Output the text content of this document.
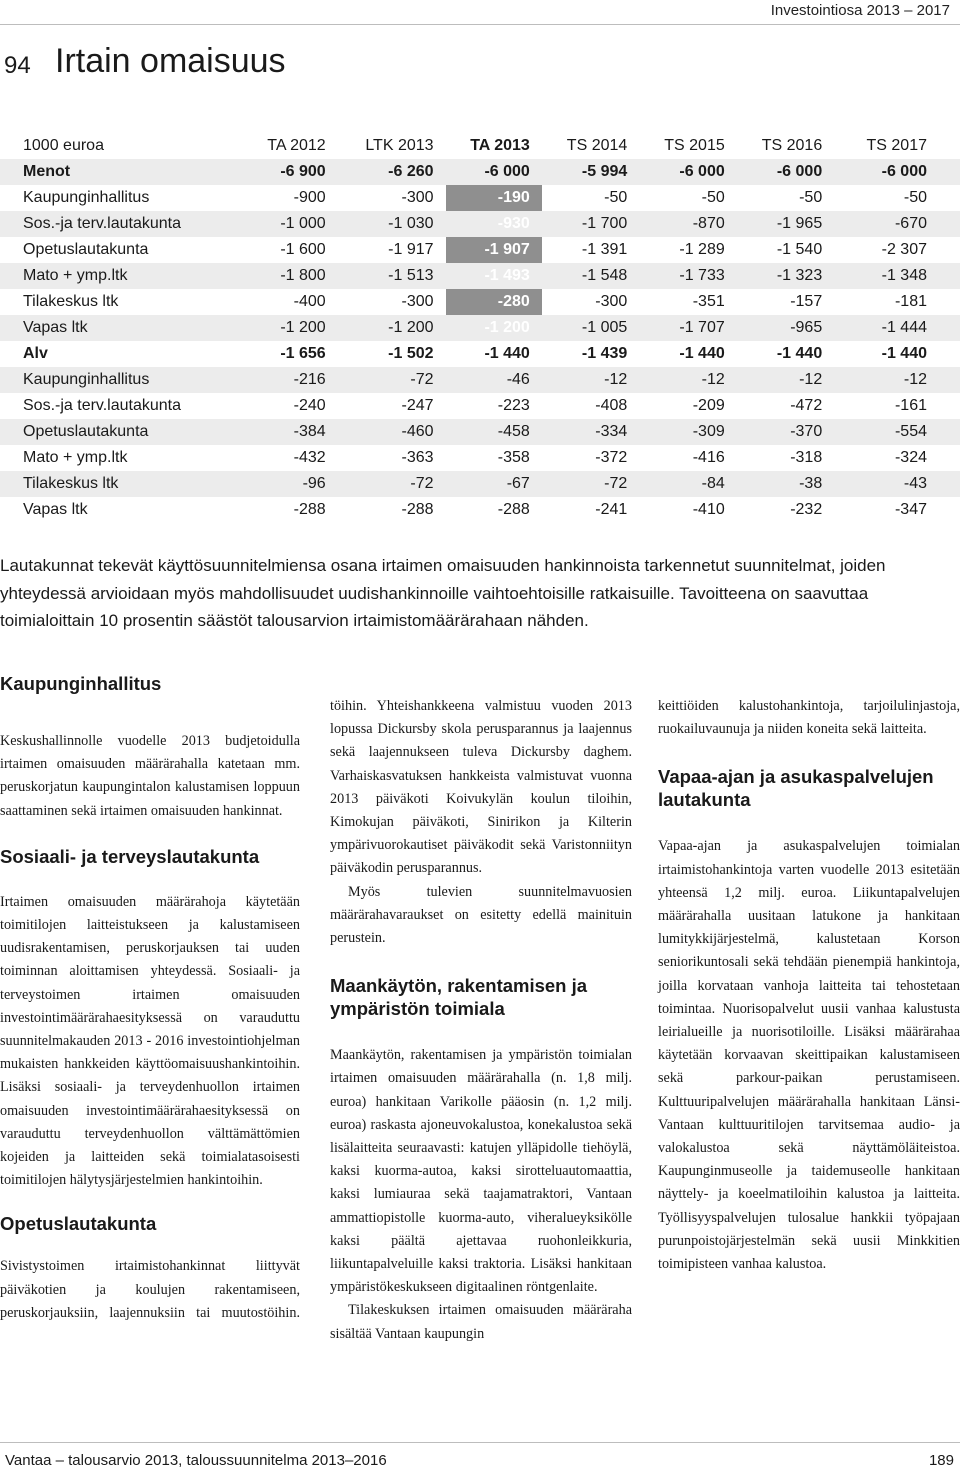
Investointiosa 2013 – 2017
94 Irtain omaisuus
1000 euroa	TA 2012	LTK 2013	TA 2013	TS 2014	TS 2015	TS 2016	TS 2017
Menot	-6 900	-6 260	-6 000	-5 994	-6 000	-6 000	-6 000
Kaupunginhallitus	-900	-300	-190	-50	-50	-50	-50
Sos.-ja terv.lautakunta	-1 000	-1 030	-930	-1 700	-870	-1 965	-670
Opetuslautakunta	-1 600	-1 917	-1 907	-1 391	-1 289	-1 540	-2 307
Mato + ymp.ltk	-1 800	-1 513	-1 493	-1 548	-1 733	-1 323	-1 348
Tilakeskus ltk	-400	-300	-280	-300	-351	-157	-181
Vapas ltk	-1 200	-1 200	-1 200	-1 005	-1 707	-965	-1 444
Alv	-1 656	-1 502	-1 440	-1 439	-1 440	-1 440	-1 440
Kaupunginhallitus	-216	-72	-46	-12	-12	-12	-12
Sos.-ja terv.lautakunta	-240	-247	-223	-408	-209	-472	-161
Opetuslautakunta	-384	-460	-458	-334	-309	-370	-554
Mato + ymp.ltk	-432	-363	-358	-372	-416	-318	-324
Tilakeskus ltk	-96	-72	-67	-72	-84	-38	-43
Vapas ltk	-288	-288	-288	-241	-410	-232	-347

Lautakunnat tekevät käyttösuunnitelmiensa osana irtaimen omaisuuden hankinnoista tarkennetut suunnitelmat, joiden yhteydessä arvioidaan myös mahdollisuudet uudishankinnoille vaihtoehtoisille ratkaisuille. Tavoitteena on saavuttaa toimialoittain 10 prosentin säästöt talousarvion irtaimistomäärärahaan nähden.

Kaupunginhallitus

Keskushallinnolle vuodelle 2013 budjetoidulla irtaimen omaisuuden määrärahalla katetaan mm. peruskorjatun kaupungintalon kalustamisen loppuun saattaminen sekä irtaimen omaisuuden hankinnat.

Sosiaali- ja terveyslautakunta

Irtaimen omaisuuden määrärahoja käytetään toimitilojen laitteistukseen ja kalustamiseen uudisrakentamisen, peruskorjauksen tai uuden toiminnan aloittamisen yhteydessä. Sosiaali- ja terveystoimen irtaimen omaisuuden investointimäärärahaesityksessä on varauduttu suunnitelmakauden 2013 - 2016 investointiohjelman mukaisten hankkeiden käyttöomaisuushankintoihin. Lisäksi sosiaali- ja terveydenhuollon irtaimen omaisuuden investointimäärärahaesityksessä on varauduttu terveydenhuollon välttämättömien kojeiden ja laitteiden sekä toimialatasoisesti toimitilojen hälytysjärjestelmien hankintoihin.

Opetuslautakunta

Sivistystoimen irtaimistohankinnat liittyvät päiväkotien ja koulujen rakentamiseen, peruskorjauksiin, laajennuksiin tai muutostöihin.

töihin. Yhteishankkeena valmistuu vuoden 2013 lopussa Dickursby skola perusparannus ja laajennus sekä laajennukseen tuleva Dickursby daghem. Varhaiskasvatuksen hankkeista valmistuvat vuonna 2013 päiväkoti Koivukylän koulun tiloihin, Kimokujan päiväkoti, Sinirikon ja Kilterin ympärivuorokautiset päiväkodit sekä Varistonniityn päiväkodin perusparannus.

Myös tulevien suunnitelmavuosien määrärahavaraukset on esitetty edellä mainituin perustein.

Maankäytön, rakentamisen ja ympäristön toimiala

Maankäytön, rakentamisen ja ympäristön toimialan irtaimen omaisuuden määrärahalla (n. 1,8 milj. euroa) hankitaan Varikolle pääosin (n. 1,2 milj. euroa) raskasta ajoneuvokalustoa, konekalustoa sekä lisälaitteita seuraavasti: katujen ylläpidolle tiehöylä, kaksi kuorma-autoa, kaksi sirotteluautomaattia, kaksi lumiauraa sekä taajamatraktori, Vantaan ammattiopistolle kuorma-auto, viheralueyksikölle kaksi päältä ajettavaa ruohonleikkuria, liikuntapalveluille kaksi traktoria. Lisäksi hankitaan ympäristökeskukseen digitaalinen röntgenlaite.

Tilakeskuksen irtaimen omaisuuden määräraha sisältää Vantaan kaupungin

keittiöiden kalustohankintoja, tarjoilulinjastoja, ruokailuvaunuja ja niiden koneita sekä laitteita.

Vapaa-ajan ja asukaspalvelujen lautakunta

Vapaa-ajan ja asukaspalvelujen toimialan irtaimistohankintoja varten vuodelle 2013 esitetään yhteensä 1,2 milj. euroa. Liikuntapalvelujen määrärahalla uusitaan latukone ja hankitaan lumitykkijärjestelmä, kalustetaan Korson seniorikuntosali sekä tehdään pienempiä hankintoja, joilla korvataan vanhoja laitteita tai tehostetaan toimintaa. Nuorisopalvelut uusii vanhaa kalustusta leirialueille ja nuorisotiloille. Lisäksi määrärahaa käytetään korvaavan skeittipaikan kalustamiseen sekä parkour-paikan perustamiseen. Kulttuuripalvelujen määrärahalla hankitaan Länsi-Vantaan kulttuuritilojen tarvitsemaa audio- ja valokalustoa sekä näyttämöläiteistoa. Kaupunginmuseolle ja taidemuseolle hankitaan näyttely- ja koeelmatiloihin kalustoa ja laitteita. Työllisyyspalvelujen tulosalue hankkii työpajaan purunpoistojärjestelmän sekä uusii Minkkitien toimipisteen vanhaa kalustoa.

Vantaa – talousarvio 2013, taloussuunnitelma 2013–2016	189
